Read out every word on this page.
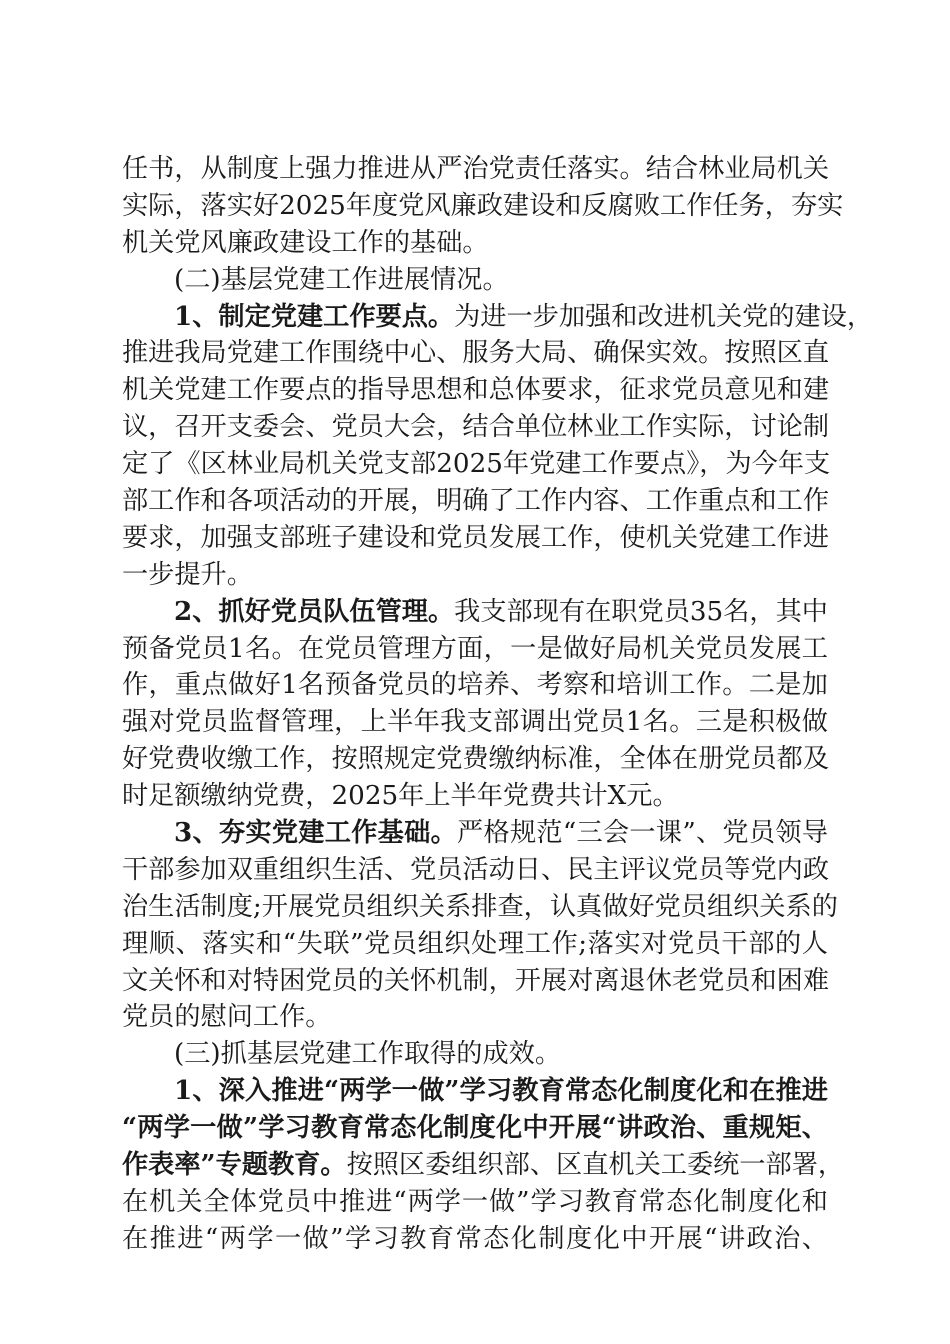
任书，从制度上强力推进从严治党责任落实。结合林业局机关
实际，落实好2025年度党风廉政建设和反腐败工作任务，夯实
机关党风廉政建设工作的基础。
(二)基层党建工作进展情况。
1、制定党建工作要点。为进一步加强和改进机关党的建设，
推进我局党建工作围绕中心、服务大局、确保实效。按照区直
机关党建工作要点的指导思想和总体要求，征求党员意见和建
议，召开支委会、党员大会，结合单位林业工作实际，讨论制
定了《区林业局机关党支部2025年党建工作要点》，为今年支
部工作和各项活动的开展，明确了工作内容、工作重点和工作
要求，加强支部班子建设和党员发展工作，使机关党建工作进
一步提升。
2、抓好党员队伍管理。我支部现有在职党员35名，其中
预备党员1名。在党员管理方面，一是做好局机关党员发展工
作，重点做好1名预备党员的培养、考察和培训工作。二是加
强对党员监督管理，上半年我支部调出党员1名。三是积极做
好党费收缴工作，按照规定党费缴纳标准，全体在册党员都及
时足额缴纳党费，2025年上半年党费共计X元。
3、夯实党建工作基础。严格规范“三会一课”、党员领导
干部参加双重组织生活、党员活动日、民主评议党员等党内政
治生活制度;开展党员组织关系排查，认真做好党员组织关系的
理顺、落实和“失联”党员组织处理工作;落实对党员干部的人
文关怀和对特困党员的关怀机制，开展对离退休老党员和困难
党员的慰问工作。
(三)抓基层党建工作取得的成效。
1、深入推进“两学一做”学习教育常态化制度化和在推进
“两学一做”学习教育常态化制度化中开展“讲政治、重规矩、
作表率”专题教育。按照区委组织部、区直机关工委统一部署，
在机关全体党员中推进“两学一做”学习教育常态化制度化和
在推进“两学一做”学习教育常态化制度化中开展“讲政治、
